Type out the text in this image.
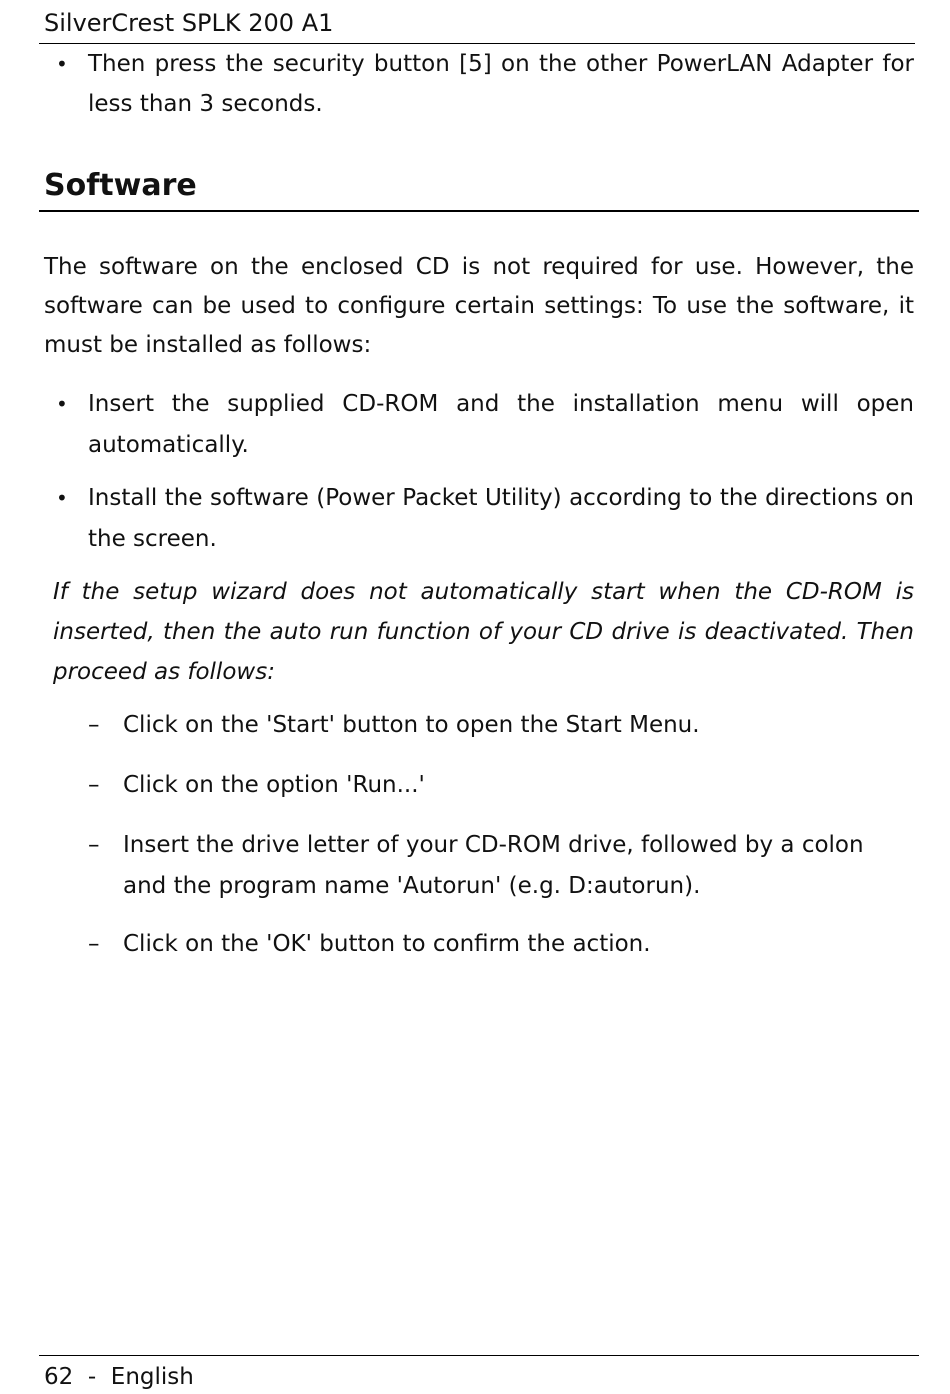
SilverCrest SPLK 200 A1
• Then press the security button [5] on the other PowerLAN Adapter for less than 3 seconds.
Software
The software on the enclosed CD is not required for use. However, the software can be used to configure certain settings: To use the software, it must be installed as follows:
• Insert the supplied CD-ROM and the installation menu will open automatically.
• Install the software (Power Packet Utility) according to the directions on the screen.
If the setup wizard does not automatically start when the CD-ROM is inserted, then the auto run function of your CD drive is deactivated. Then proceed as follows:
– Click on the 'Start' button to open the Start Menu.
– Click on the option 'Run...'
– Insert the drive letter of your CD-ROM drive, followed by a colon and the program name 'Autorun' (e.g. D:autorun).
– Click on the 'OK' button to confirm the action.
62  -  English
